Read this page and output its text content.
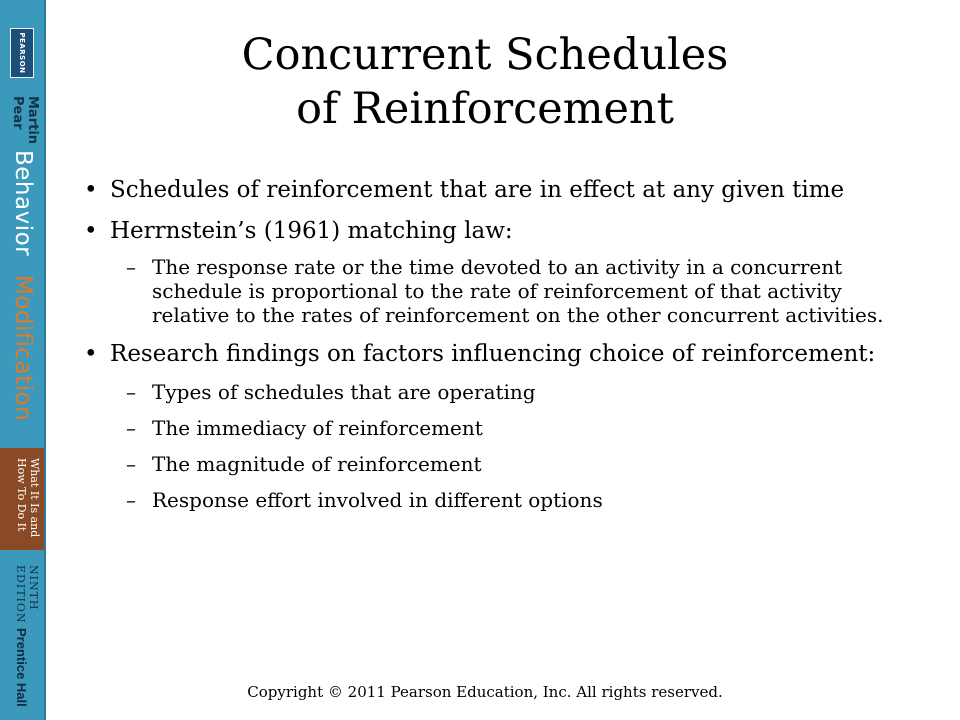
PEARSON
Martin
Pear
Behavior
Modification
What It Is and
How To Do It
NINTH
EDITION
Prentice Hall
Concurrent Schedules
of Reinforcement
• Schedules of reinforcement that are in effect at any given time
• Herrnstein’s (1961) matching law:
– The response rate or the time devoted to an activity in a concurrent schedule is proportional to the rate of reinforcement of that activity relative to the rates of reinforcement on the other concurrent activities.
• Research findings on factors influencing choice of reinforcement:
– Types of schedules that are operating
– The immediacy of reinforcement
– The magnitude of reinforcement
– Response effort involved in different options
Copyright © 2011 Pearson Education, Inc. All rights reserved.
